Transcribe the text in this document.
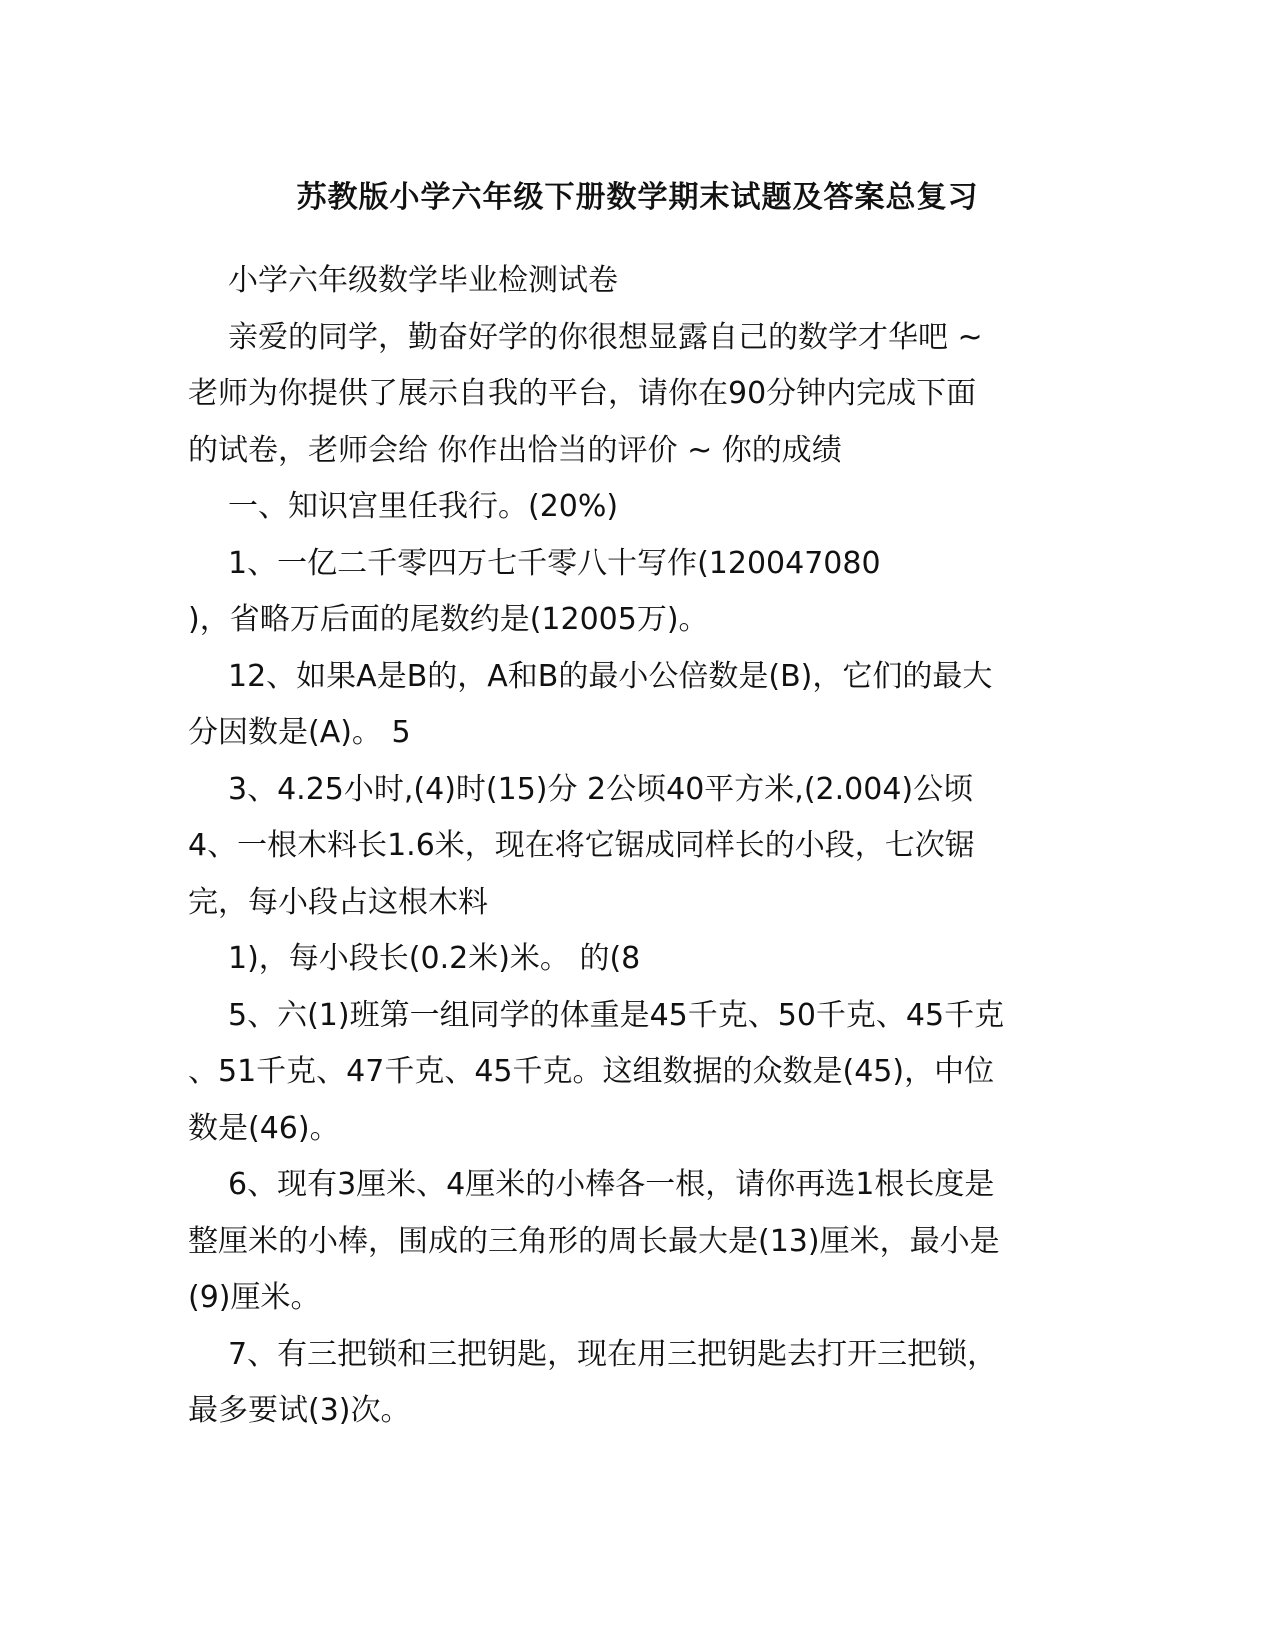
苏教版小学六年级下册数学期末试题及答案总复习
小学六年级数学毕业检测试卷
亲爱的同学，勤奋好学的你很想显露自己的数学才华吧 ~
老师为你提供了展示自我的平台，请你在90分钟内完成下面
的试卷，老师会给 你作出恰当的评价 ~ 你的成绩
一、知识宫里任我行。(20%)
1、一亿二千零四万七千零八十写作(120047080
)，省略万后面的尾数约是(12005万)。
12、如果A是B的，A和B的最小公倍数是(B)，它们的最大
分因数是(A)。 5
3、4.25小时,(4)时(15)分 2公顷40平方米,(2.004)公顷
4、一根木料长1.6米，现在将它锯成同样长的小段，七次锯
完，每小段占这根木料
1)，每小段长(0.2米)米。 的(8
5、六(1)班第一组同学的体重是45千克、50千克、45千克
、51千克、47千克、45千克。这组数据的众数是(45)，中位
数是(46)。
6、现有3厘米、4厘米的小棒各一根，请你再选1根长度是
整厘米的小棒，围成的三角形的周长最大是(13)厘米，最小是
(9)厘米。
7、有三把锁和三把钥匙，现在用三把钥匙去打开三把锁，
最多要试(3)次。
